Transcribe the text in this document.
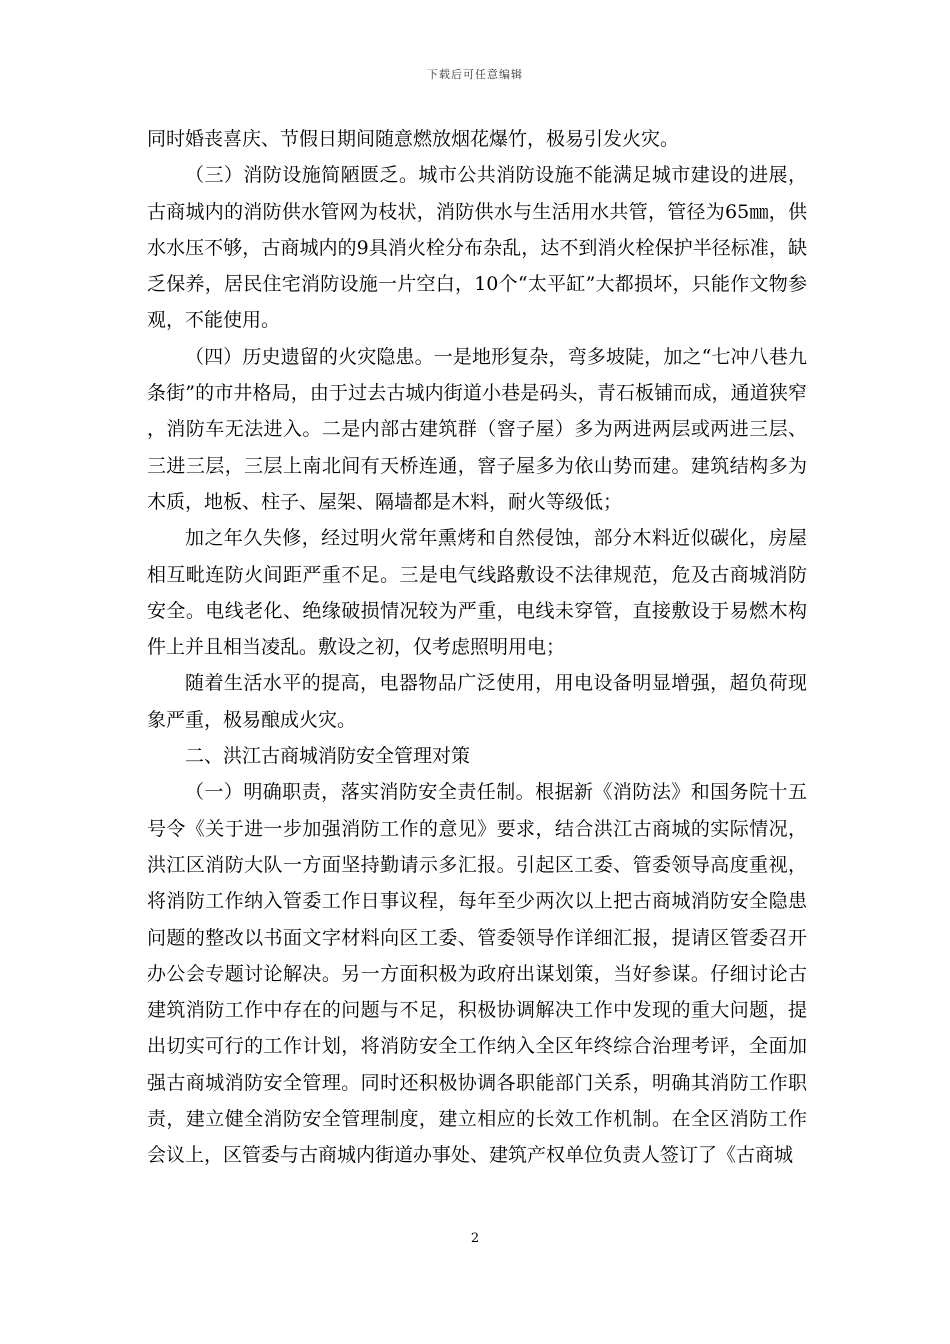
下载后可任意编辑

同时婚丧喜庆、节假日期间随意燃放烟花爆竹，极易引发火灾。

（三）消防设施简陋匮乏。城市公共消防设施不能满足城市建设的进展，古商城内的消防供水管网为枝状，消防供水与生活用水共管，管径为65㎜，供水水压不够，古商城内的9具消火栓分布杂乱，达不到消火栓保护半径标准，缺乏保养，居民住宅消防设施一片空白，10个“太平缸”大都损坏，只能作文物参观，不能使用。

（四）历史遗留的火灾隐患。一是地形复杂，弯多坡陡，加之“七冲八巷九条街”的市井格局，由于过去古城内街道小巷是码头，青石板铺而成，通道狭窄，消防车无法进入。二是内部古建筑群（窨子屋）多为两进两层或两进三层、三进三层，三层上南北间有天桥连通，窨子屋多为依山势而建。建筑结构多为木质，地板、柱子、屋架、隔墙都是木料，耐火等级低；

加之年久失修，经过明火常年熏烤和自然侵蚀，部分木料近似碳化，房屋相互毗连防火间距严重不足。三是电气线路敷设不法律规范，危及古商城消防安全。电线老化、绝缘破损情况较为严重，电线未穿管，直接敷设于易燃木构件上并且相当凌乱。敷设之初，仅考虑照明用电；

随着生活水平的提高，电器物品广泛使用，用电设备明显增强，超负荷现象严重，极易酿成火灾。

二、洪江古商城消防安全管理对策

（一）明确职责，落实消防安全责任制。根据新《消防法》和国务院十五号令《关于进一步加强消防工作的意见》要求，结合洪江古商城的实际情况，洪江区消防大队一方面坚持勤请示多汇报。引起区工委、管委领导高度重视，将消防工作纳入管委工作日事议程，每年至少两次以上把古商城消防安全隐患问题的整改以书面文字材料向区工委、管委领导作详细汇报，提请区管委召开办公会专题讨论解决。另一方面积极为政府出谋划策，当好参谋。仔细讨论古建筑消防工作中存在的问题与不足，积极协调解决工作中发现的重大问题，提出切实可行的工作计划，将消防安全工作纳入全区年终综合治理考评，全面加强古商城消防安全管理。同时还积极协调各职能部门关系，明确其消防工作职责，建立健全消防安全管理制度，建立相应的长效工作机制。在全区消防工作会议上，区管委与古商城内街道办事处、建筑产权单位负责人签订了《古商城

2
